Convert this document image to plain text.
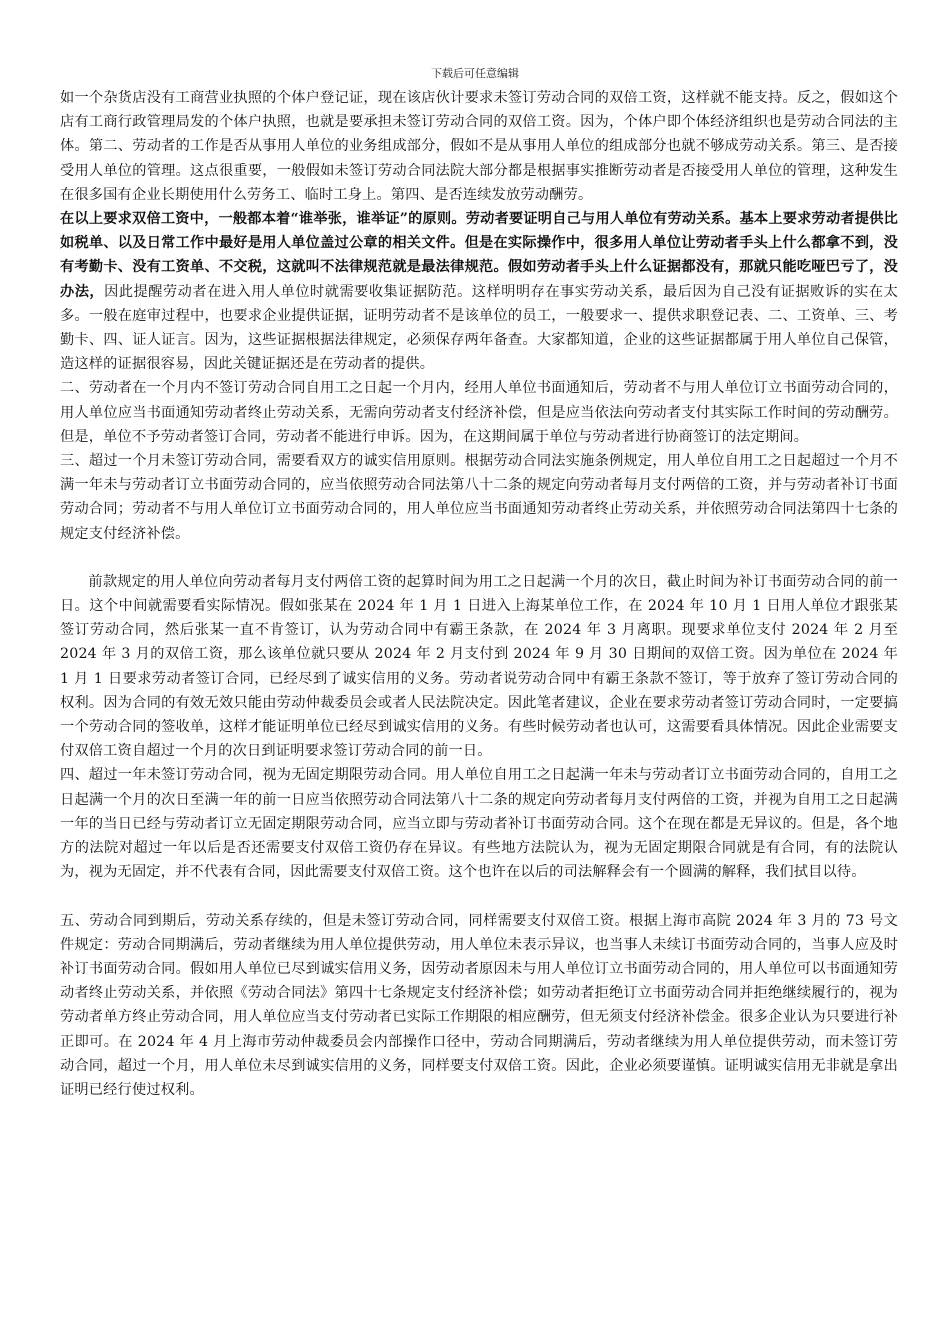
下载后可任意编辑

如一个杂货店没有工商营业执照的个体户登记证，现在该店伙计要求未签订劳动合同的双倍工资，这样就不能支持。反之，假如这个店有工商行政管理局发的个体户执照，也就是要承担未签订劳动合同的双倍工资。因为，个体户即个体经济组织也是劳动合同法的主体。第二、劳动者的工作是否从事用人单位的业务组成部分，假如不是从事用人单位的组成部分也就不够成劳动关系。第三、是否接受用人单位的管理。这点很重要，一般假如未签订劳动合同法院大部分都是根据事实推断劳动者是否接受用人单位的管理，这种发生在很多国有企业长期使用什么劳务工、临时工身上。第四、是否连续发放劳动酬劳。

在以上要求双倍工资中，一般都本着“谁举张，谁举证”的原则。劳动者要证明自己与用人单位有劳动关系。基本上要求劳动者提供比如税单、以及日常工作中最好是用人单位盖过公章的相关文件。但是在实际操作中，很多用人单位让劳动者手头上什么都拿不到，没有考勤卡、没有工资单、不交税，这就叫不法律规范就是最法律规范。假如劳动者手头上什么证据都没有，那就只能吃哑巴亏了，没办法，因此提醒劳动者在进入用人单位时就需要收集证据防范。这样明明存在事实劳动关系，最后因为自己没有证据败诉的实在太多。一般在庭审过程中，也要求企业提供证据，证明劳动者不是该单位的员工，一般要求一、提供求职登记表、二、工资单、三、考勤卡、四、证人证言。因为，这些证据根据法律规定，必须保存两年备查。大家都知道，企业的这些证据都属于用人单位自己保管，造这样的证据很容易，因此关键证据还是在劳动者的提供。

二、劳动者在一个月内不签订劳动合同自用工之日起一个月内，经用人单位书面通知后，劳动者不与用人单位订立书面劳动合同的，用人单位应当书面通知劳动者终止劳动关系，无需向劳动者支付经济补偿，但是应当依法向劳动者支付其实际工作时间的劳动酬劳。但是，单位不予劳动者签订合同，劳动者不能进行申诉。因为，在这期间属于单位与劳动者进行协商签订的法定期间。

三、超过一个月未签订劳动合同，需要看双方的诚实信用原则。根据劳动合同法实施条例规定，用人单位自用工之日起超过一个月不满一年未与劳动者订立书面劳动合同的，应当依照劳动合同法第八十二条的规定向劳动者每月支付两倍的工资，并与劳动者补订书面劳动合同；劳动者不与用人单位订立书面劳动合同的，用人单位应当书面通知劳动者终止劳动关系，并依照劳动合同法第四十七条的规定支付经济补偿。

前款规定的用人单位向劳动者每月支付两倍工资的起算时间为用工之日起满一个月的次日，截止时间为补订书面劳动合同的前一日。这个中间就需要看实际情况。假如张某在 2024 年 1 月 1 日进入上海某单位工作，在 2024 年 10 月 1 日用人单位才跟张某签订劳动合同，然后张某一直不肯签订，认为劳动合同中有霸王条款，在 2024 年 3 月离职。现要求单位支付 2024 年 2 月至 2024 年 3 月的双倍工资，那么该单位就只要从 2024 年 2 月支付到 2024 年 9 月 30 日期间的双倍工资。因为单位在 2024 年 1 月 1 日要求劳动者签订合同，已经尽到了诚实信用的义务。劳动者说劳动合同中有霸王条款不签订，等于放弃了签订劳动合同的权利。因为合同的有效无效只能由劳动仲裁委员会或者人民法院决定。因此笔者建议，企业在要求劳动者签订劳动合同时，一定要搞一个劳动合同的签收单，这样才能证明单位已经尽到诚实信用的义务。有些时候劳动者也认可，这需要看具体情况。因此企业需要支付双倍工资自超过一个月的次日到证明要求签订劳动合同的前一日。

四、超过一年未签订劳动合同，视为无固定期限劳动合同。用人单位自用工之日起满一年未与劳动者订立书面劳动合同的，自用工之日起满一个月的次日至满一年的前一日应当依照劳动合同法第八十二条的规定向劳动者每月支付两倍的工资，并视为自用工之日起满一年的当日已经与劳动者订立无固定期限劳动合同，应当立即与劳动者补订书面劳动合同。这个在现在都是无异议的。但是，各个地方的法院对超过一年以后是否还需要支付双倍工资仍存在异议。有些地方法院认为，视为无固定期限合同就是有合同，有的法院认为，视为无固定，并不代表有合同，因此需要支付双倍工资。这个也许在以后的司法解释会有一个圆满的解释，我们拭目以待。

五、劳动合同到期后，劳动关系存续的，但是未签订劳动合同，同样需要支付双倍工资。根据上海市高院 2024 年 3 月的 73 号文件规定：劳动合同期满后，劳动者继续为用人单位提供劳动，用人单位未表示异议，也当事人未续订书面劳动合同的，当事人应及时补订书面劳动合同。假如用人单位已尽到诚实信用义务，因劳动者原因未与用人单位订立书面劳动合同的，用人单位可以书面通知劳动者终止劳动关系，并依照《劳动合同法》第四十七条规定支付经济补偿；如劳动者拒绝订立书面劳动合同并拒绝继续履行的，视为劳动者单方终止劳动合同，用人单位应当支付劳动者已实际工作期限的相应酬劳，但无须支付经济补偿金。很多企业认为只要进行补正即可。在 2024 年 4 月上海市劳动仲裁委员会内部操作口径中，劳动合同期满后，劳动者继续为用人单位提供劳动，而未签订劳动合同，超过一个月，用人单位未尽到诚实信用的义务，同样要支付双倍工资。因此，企业必须要谨慎。证明诚实信用无非就是拿出证明已经行使过权利。
